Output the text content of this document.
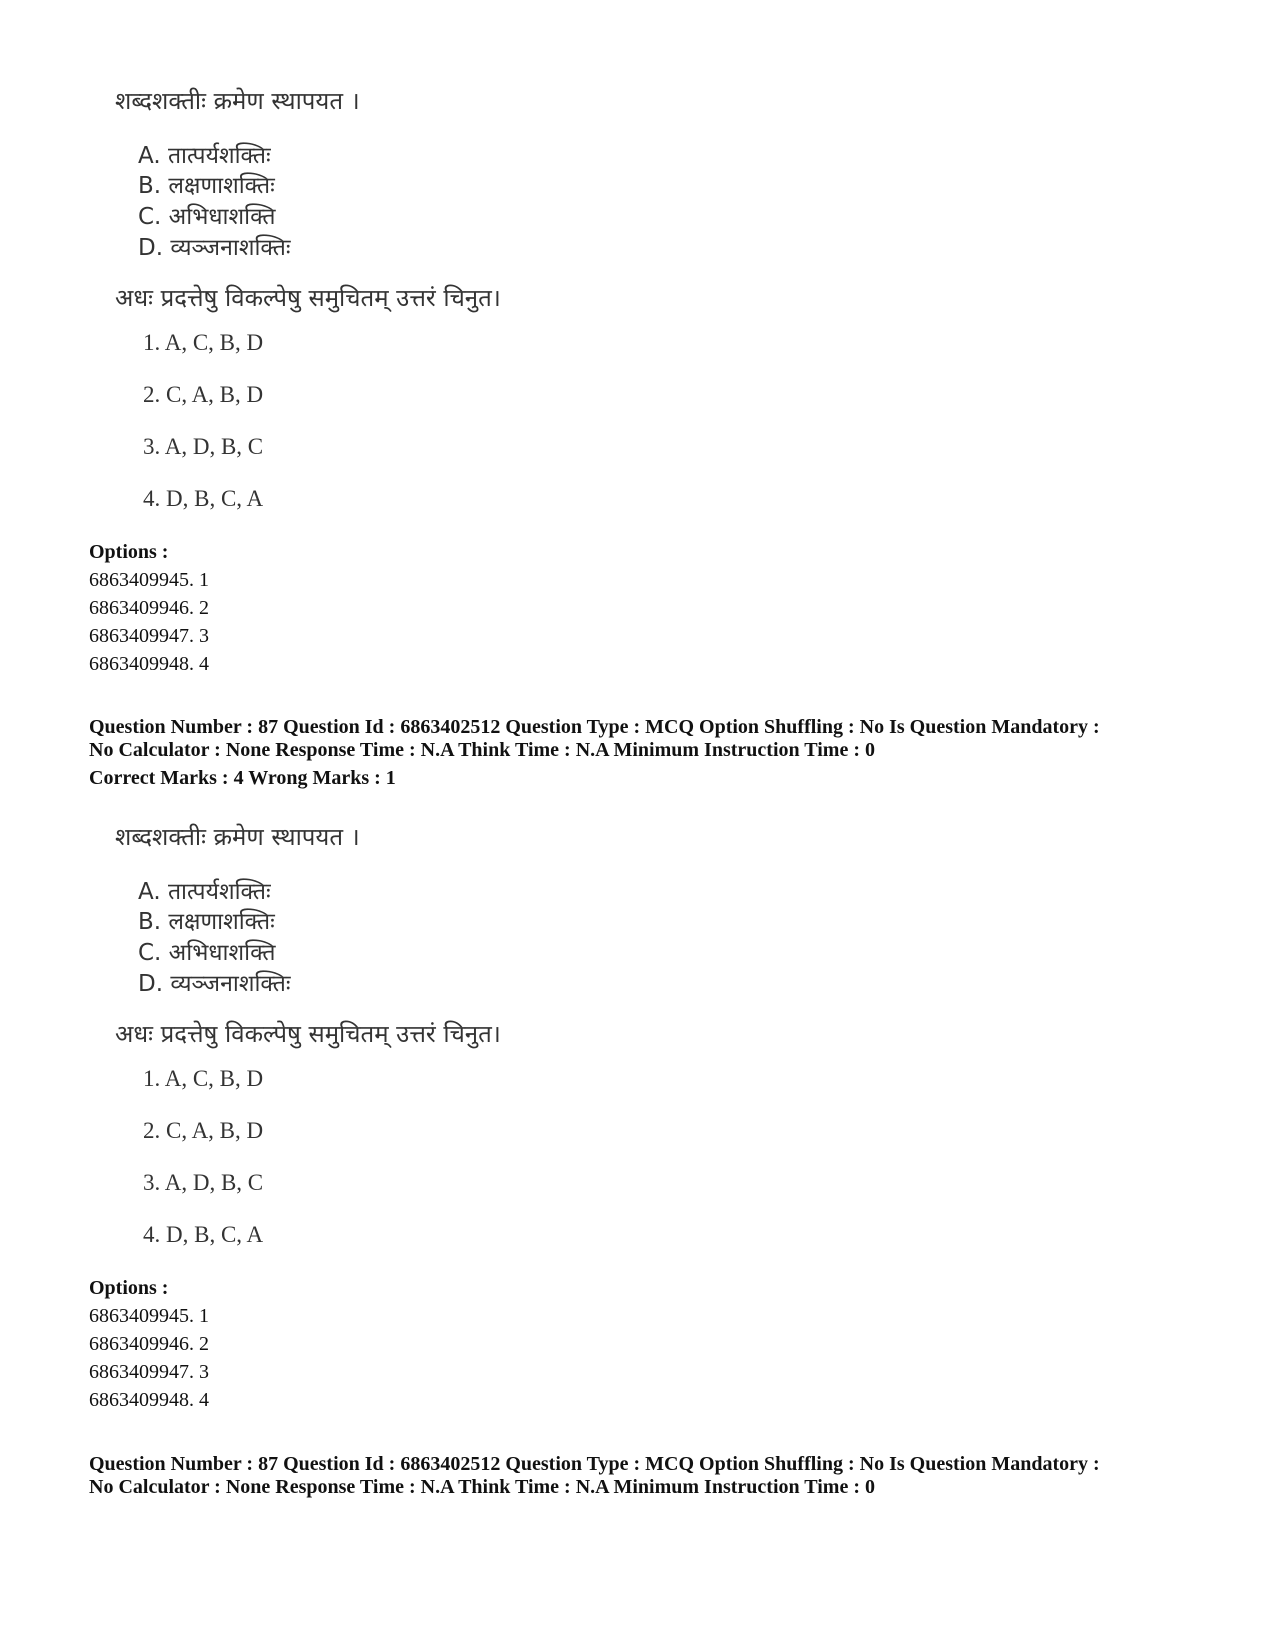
शब्दशक्तीः क्रमेण स्थापयत ।
A. तात्पर्यशक्तिः
B. लक्षणाशक्तिः
C. अभिधाशक्ति
D. व्यञ्जनाशक्तिः
अधः प्रदत्तेषु विकल्पेषु समुचितम् उत्तरं चिनुत।
1. A, C, B, D
2. C, A, B, D
3. A, D, B, C
4. D, B, C, A
Options :
6863409945. 1
6863409946. 2
6863409947. 3
6863409948. 4
Question Number : 87 Question Id : 6863402512 Question Type : MCQ Option Shuffling : No Is Question Mandatory :
No Calculator : None Response Time : N.A Think Time : N.A Minimum Instruction Time : 0
Correct Marks : 4 Wrong Marks : 1
शब्दशक्तीः क्रमेण स्थापयत ।
A. तात्पर्यशक्तिः
B. लक्षणाशक्तिः
C. अभिधाशक्ति
D. व्यञ्जनाशक्तिः
अधः प्रदत्तेषु विकल्पेषु समुचितम् उत्तरं चिनुत।
1. A, C, B, D
2. C, A, B, D
3. A, D, B, C
4. D, B, C, A
Options :
6863409945. 1
6863409946. 2
6863409947. 3
6863409948. 4
Question Number : 87 Question Id : 6863402512 Question Type : MCQ Option Shuffling : No Is Question Mandatory :
No Calculator : None Response Time : N.A Think Time : N.A Minimum Instruction Time : 0
